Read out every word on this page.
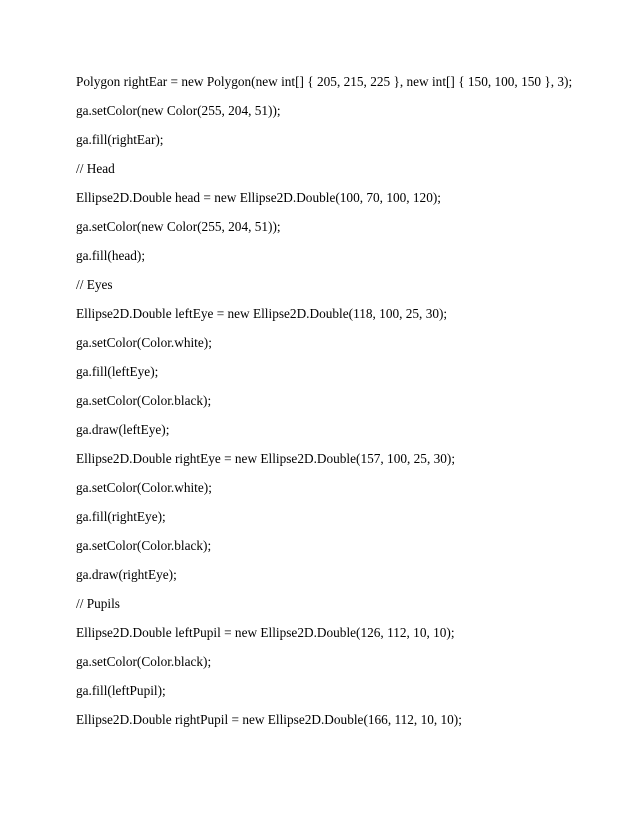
Polygon rightEar = new Polygon(new int[] { 205, 215, 225 }, new int[] { 150, 100, 150 }, 3);
ga.setColor(new Color(255, 204, 51));
ga.fill(rightEar);
// Head
Ellipse2D.Double head = new Ellipse2D.Double(100, 70, 100, 120);
ga.setColor(new Color(255, 204, 51));
ga.fill(head);
// Eyes
Ellipse2D.Double leftEye = new Ellipse2D.Double(118, 100, 25, 30);
ga.setColor(Color.white);
ga.fill(leftEye);
ga.setColor(Color.black);
ga.draw(leftEye);
Ellipse2D.Double rightEye = new Ellipse2D.Double(157, 100, 25, 30);
ga.setColor(Color.white);
ga.fill(rightEye);
ga.setColor(Color.black);
ga.draw(rightEye);
// Pupils
Ellipse2D.Double leftPupil = new Ellipse2D.Double(126, 112, 10, 10);
ga.setColor(Color.black);
ga.fill(leftPupil);
Ellipse2D.Double rightPupil = new Ellipse2D.Double(166, 112, 10, 10);
